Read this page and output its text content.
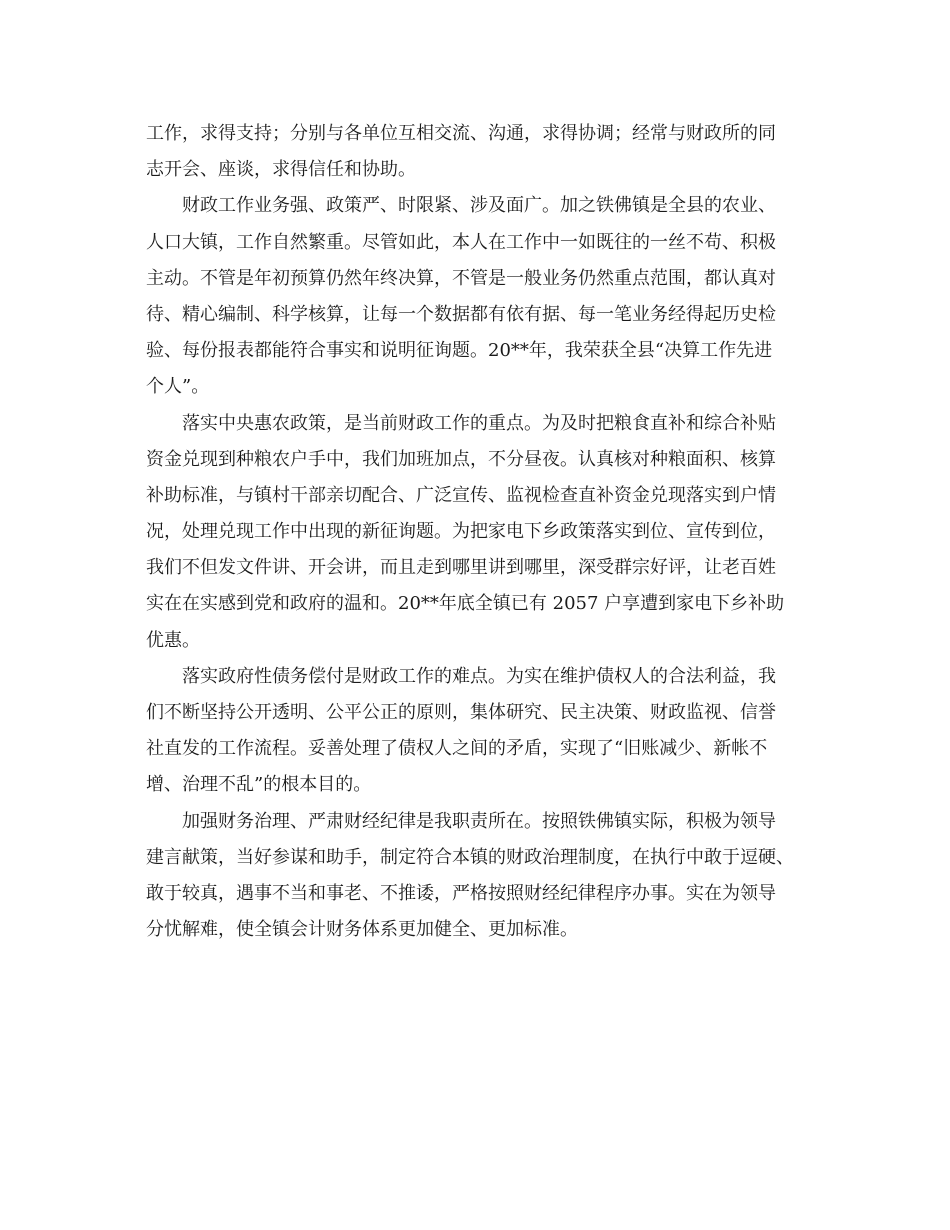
工作，求得支持；分别与各单位互相交流、沟通，求得协调；经常与财政所的同
志开会、座谈，求得信任和协助。
财政工作业务强、政策严、时限紧、涉及面广。加之铁佛镇是全县的农业、
人口大镇，工作自然繁重。尽管如此，本人在工作中一如既往的一丝不苟、积极
主动。不管是年初预算仍然年终决算，不管是一般业务仍然重点范围，都认真对
待、精心编制、科学核算，让每一个数据都有依有据、每一笔业务经得起历史检
验、每份报表都能符合事实和说明征询题。20**年，我荣获全县“决算工作先进
个人”。
落实中央惠农政策，是当前财政工作的重点。为及时把粮食直补和综合补贴
资金兑现到种粮农户手中，我们加班加点，不分昼夜。认真核对种粮面积、核算
补助标准，与镇村干部亲切配合、广泛宣传、监视检查直补资金兑现落实到户情
况，处理兑现工作中出现的新征询题。为把家电下乡政策落实到位、宣传到位，
我们不但发文件讲、开会讲，而且走到哪里讲到哪里，深受群宗好评，让老百姓
实在在实感到党和政府的温和。20**年底全镇已有 2057 户享遭到家电下乡补助
优惠。
落实政府性债务偿付是财政工作的难点。为实在维护债权人的合法利益，我
们不断坚持公开透明、公平公正的原则，集体研究、民主决策、财政监视、信誉
社直发的工作流程。妥善处理了债权人之间的矛盾，实现了“旧账减少、新帐不
增、治理不乱”的根本目的。
加强财务治理、严肃财经纪律是我职责所在。按照铁佛镇实际，积极为领导
建言献策，当好参谋和助手，制定符合本镇的财政治理制度，在执行中敢于逗硬、
敢于较真，遇事不当和事老、不推诿，严格按照财经纪律程序办事。实在为领导
分忧解难，使全镇会计财务体系更加健全、更加标准。
